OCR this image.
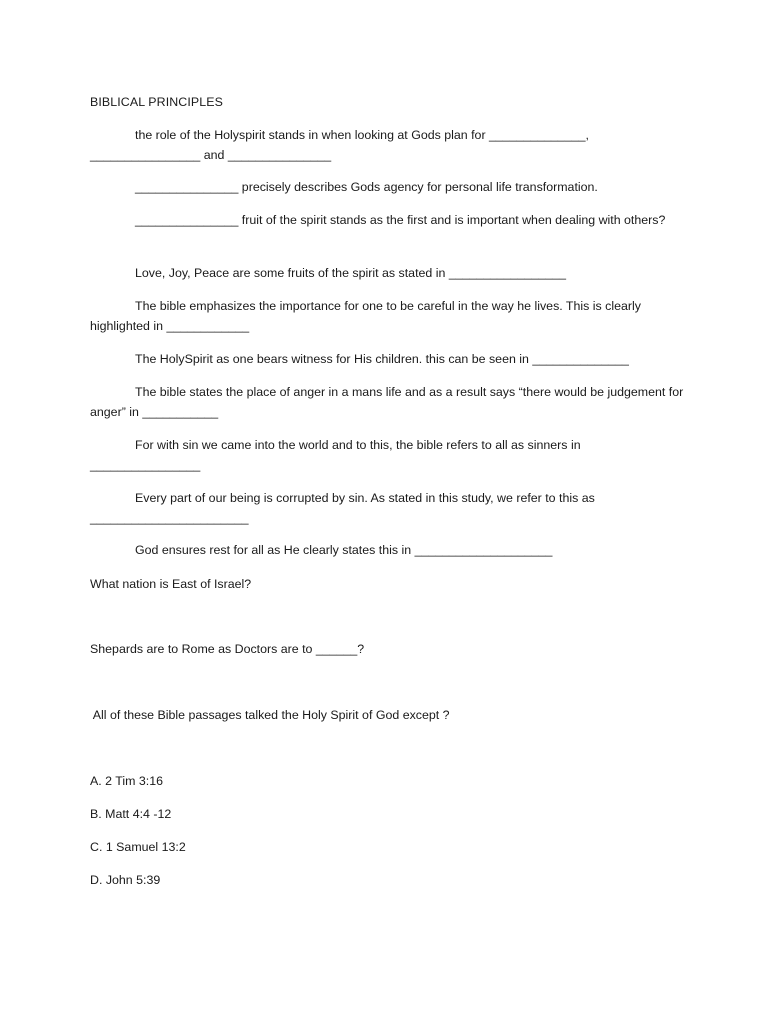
BIBLICAL PRINCIPLES
the role of the Holyspirit stands in when looking at Gods plan for ______________, ________________ and _______________
_______________ precisely describes Gods agency for personal life transformation.
_______________ fruit of the spirit stands as the first and is important when dealing with others?
Love, Joy, Peace are some fruits of the spirit as stated in _________________
The bible emphasizes the importance for one to be careful in the way he lives. This is clearly highlighted in ____________
The HolySpirit as one bears witness for His children. this can be seen in ______________
The bible states the place of anger in a mans life and as a result says “there would be judgement for anger” in ___________
For with sin we came into the world and to this, the bible refers to all as sinners in ________________
Every part of our being is corrupted by sin. As stated in this study, we refer to this as _______________________
God ensures rest for all as He clearly states this in ____________________
What nation is East of Israel?
Shepards are to Rome as Doctors are to ______?
All of these Bible passages talked the Holy Spirit of God except ?
A. 2 Tim 3:16
B. Matt 4:4 -12
C. 1 Samuel 13:2
D. John 5:39
